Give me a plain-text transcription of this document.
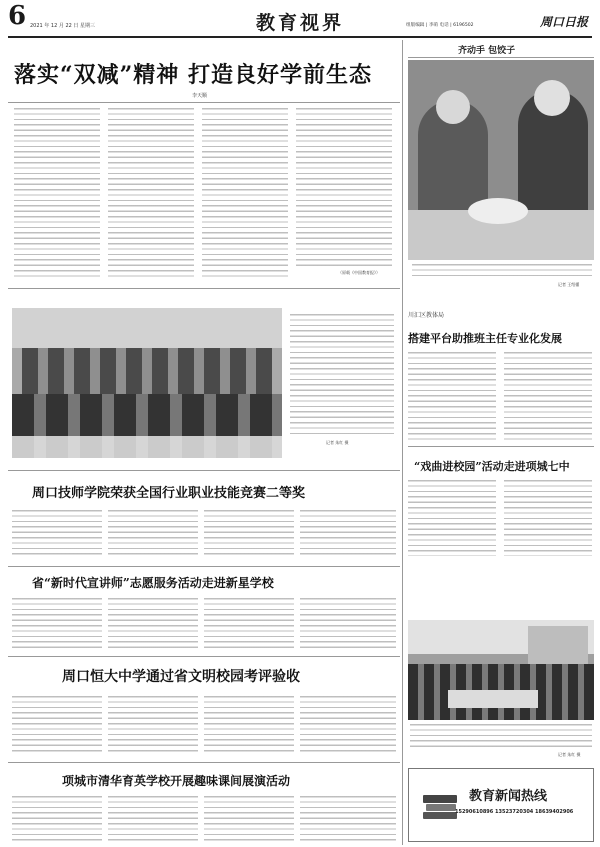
6 2021 年 12 月 22 日 星期三	教育视界	组版编辑 | 李萌 电话 | 6196502	周口日报
落实“双减”精神 打造良好学前生态
李天顺
（原载《中国教育报》）
齐动手 包饺子
记者 王绍懂
记者 朱红 摄
川汇区教体局
搭建平台助推班主任专业化发展
“戏曲进校园”活动走进项城七中
周口技师学院荣获全国行业职业技能竞赛二等奖
省“新时代宣讲师”志愿服务活动走进新星学校
周口恒大中学通过省文明校园考评验收
项城市清华育英学校开展趣味课间展演活动
记者 朱红 摄
教育新闻热线
15290610896 13523720304 18639402906
